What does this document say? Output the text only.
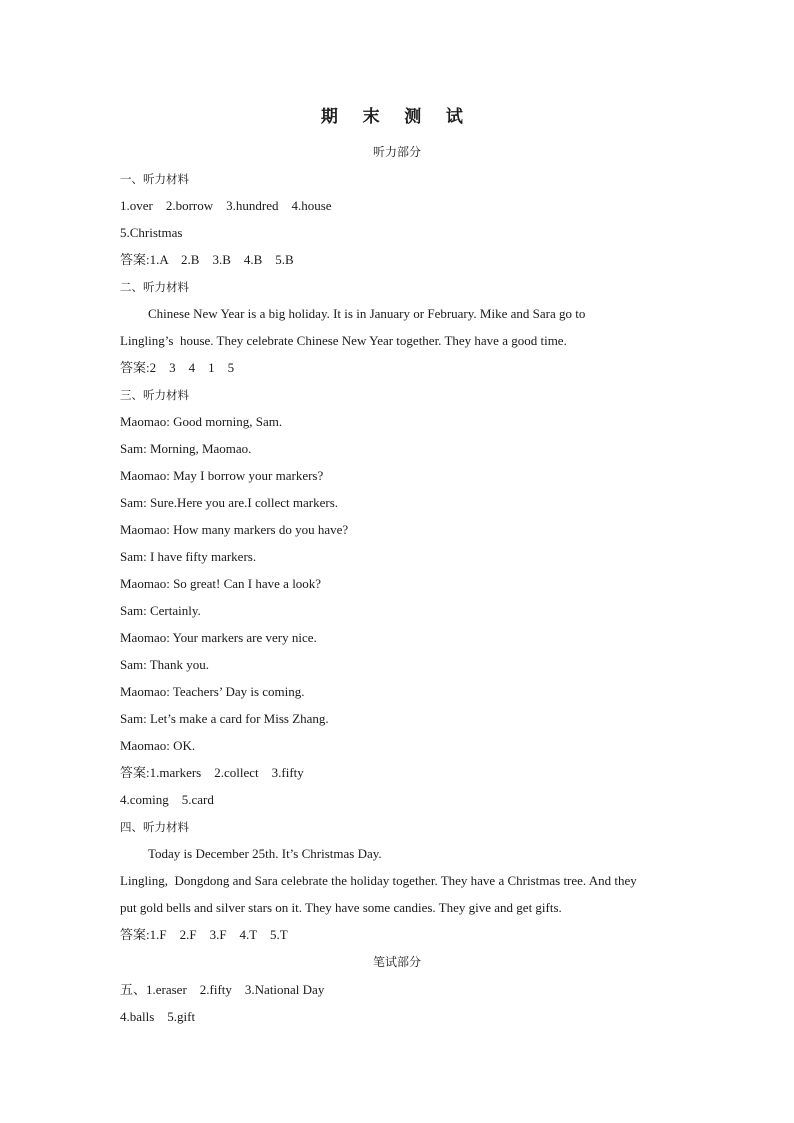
期 末 测 试
听力部分
一、听力材料
1.over    2.borrow    3.hundred    4.house
5.Christmas
答案:1.A    2.B    3.B    4.B    5.B
二、听力材料
Chinese New Year is a big holiday. It is in January or February. Mike and Sara go to
Lingling’s  house. They celebrate Chinese New Year together. They have a good time.
答案:2    3    4    1    5
三、听力材料
Maomao: Good morning, Sam.
Sam: Morning, Maomao.
Maomao: May I borrow your markers?
Sam: Sure.Here you are.I collect markers.
Maomao: How many markers do you have?
Sam: I have fifty markers.
Maomao: So great! Can I have a look?
Sam: Certainly.
Maomao: Your markers are very nice.
Sam: Thank you.
Maomao: Teachers’ Day is coming.
Sam: Let’s make a card for Miss Zhang.
Maomao: OK.
答案:1.markers    2.collect    3.fifty
4.coming    5.card
四、听力材料
Today is December 25th. It’s Christmas Day.
Lingling,  Dongdong and Sara celebrate the holiday together. They have a Christmas tree. And they
put gold bells and silver stars on it. They have some candies. They give and get gifts.
答案:1.F    2.F    3.F    4.T    5.T
笔试部分
五、1.eraser    2.fifty    3.National Day
4.balls    5.gift
